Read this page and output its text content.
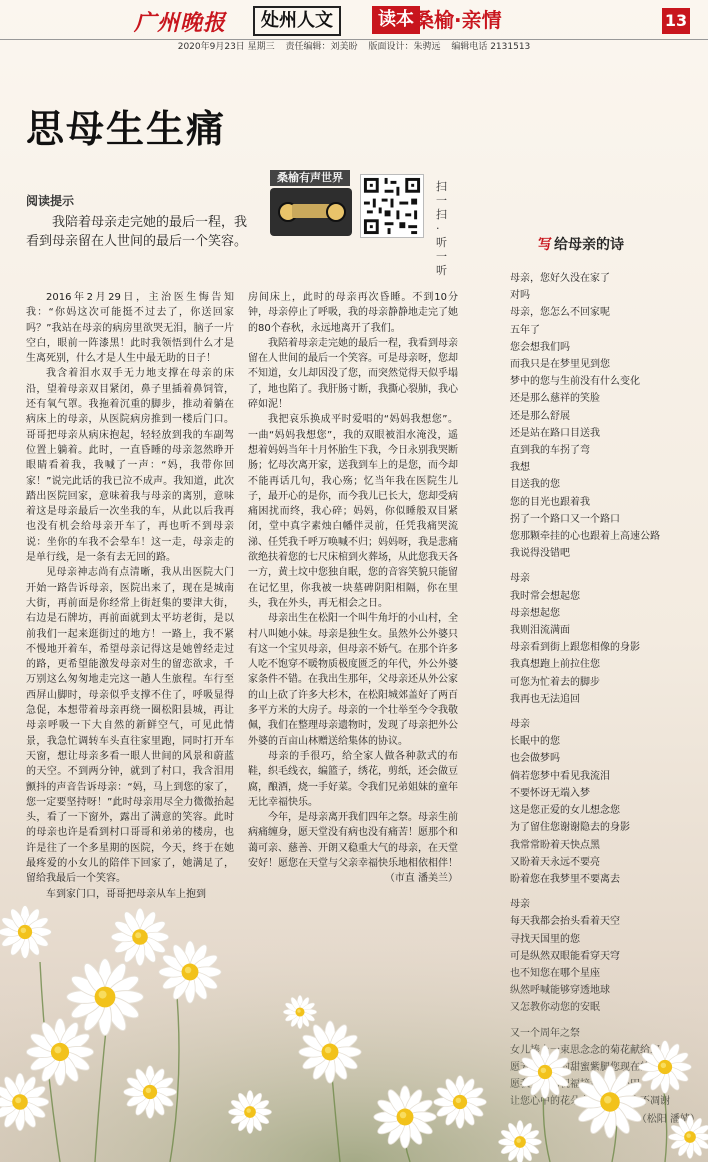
广州晚报	处州人文	读本 桑榆·亲情	13
2020年9月23日 星期三 责任编辑：刘美盼 版面设计：朱骋远 编辑电话 2131513
思母生生痛
阅读提示
我陪着母亲走完她的最后一程，我看到母亲留在人世间的最后一个笑容。
桑榆有声世界
扫一扫·听一听
写 给母亲的诗

2016年2月29日，主治医生悔告知我：“你妈这次可能挺不过去了，你送回家吗？”我站在母亲的病房里欲哭无泪，脑子一片空白，眼前一阵漆黑！此时我领悟到什么才是生离死别，什么才是人生中最无助的日子！

我含着泪水双手无力地支撑在母亲的床沿，望着母亲双目紧闭，鼻子里插着鼻饲管，还有氧气罩。我拖着沉重的脚步，推动着躺在病床上的母亲，从医院病房推到一楼后门口。哥哥把母亲从病床抱起，轻轻放到我的车副驾位置上躺着。此时，一直昏睡的母亲忽然睁开眼睛看着我，我喊了一声：“妈，我带你回家！”说完此话的我已泣不成声。我知道，此次踏出医院回家，意味着我与母亲的离别，意味着这是母亲最后一次坐我的车，从此以后我再也没有机会给母亲开车了，再也听不到母亲说：坐你的车我不会晕车！这一走，母亲走的是单行线，是一条有去无回的路。

见母亲神志尚有点清晰，我从出医院大门开始一路告诉母亲，医院出来了，现在是城南大街，再前面是你经常上街赶集的要津大街，右边是石牌坊，再前面就到太平坊老街，是以前我们一起来逛街过的地方！一路上，我不紧不慢地开着车，希望母亲记得这是她曾经走过的路，更希望能激发母亲对生的留恋欲求，千万别这么匆匆地走完这一趟人生旅程。车行至西屏山脚时，母亲似乎支撑不住了，呼吸显得急促，本想带着母亲再绕一圈松阳县城，再让母亲呼吸一下大自然的新鲜空气，可见此情景，我急忙调转车头直往家里跑，同时打开车天窗，想让母亲多看一眼人世间的风景和蔚蓝的天空。不到两分钟，就到了村口，我含泪用颤抖的声音告诉母亲：“妈，马上到您的家了，您一定要坚持呀！”此时母亲用尽全力微微抬起头，看了一下窗外，露出了满意的笑容。此时的母亲也许是看到村口哥哥和弟弟的楼房，也许是往了一个多星期的医院，今天，终于在她

房间床上，此时的母亲再次昏睡。不到10分钟，母亲停止了呼吸，我的母亲静静地走完了她的80个春秋，永远地离开了我们。

我陪着母亲走完她的最后一程，我看到母亲留在人世间的最后一个笑容。可是母亲呀，您却不知道，女儿却因没了您，而突然觉得天似乎塌了，地也陷了。我肝肠寸断，我撕心裂肺，我心碎如泥！

我把哀乐换成平时爱唱的“妈妈我想您”。一曲“妈妈我想您”，我的双眼被泪水淹没，遥想着妈妈当年十月怀胎生下我，今日永别我哭断肠；忆母次离开家，送我到车上的是您，而今却不能再话几句，我心殇；忆当年我在医院生儿子，最开心的是你，而今我儿已长大，您却受病痛困扰而终，我心碎；妈妈，你似睡般双目紧闭，堂中真字素烛白幡伴灵前，任凭我痛哭流涕、任凭我千呼万唤喊不归；妈妈呀，我是悲痛欲绝扶着您的七尺床棺到火葬场，从此您我天各一方，黄土坟中您独自眠，您的音容笑貌只能留在记忆里，你我被一块墓碑阴阳相隔，你在里头，我在外头，再无相会之日。

母亲出生在松阳一个叫牛角圩的小山村，全村八叫她小妹。母亲是独生女。虽然外公外婆只有这一个宝贝母亲，但母亲不娇气。在那个许多人吃不饱穿不暖物质极度匮乏的年代，外公外婆家条件不错。在我出生那年，父母亲还从外公家的山上砍了许多大杉木，在松阳城郊盖好了两百多平方米的大房子。母亲的一个壮举至今令我敬佩，我们在整理母亲遗物时，发现了母亲把外公外婆的百亩山林赠送给集体的协议。

母亲的手很巧，给全家人做各种款式的布鞋，织毛线衣，编篮子，绣花，剪纸，还会做豆腐，酿酒，烧一手好菜。令我们兄弟姐妹的童年无比幸福快乐。

今年，是母亲离开我们四年之祭。母亲生前病痛缠身，愿天堂没有病也没有痛苦！愿那个和蔼可亲、慈善、开朗又稳重大气的母亲，在天堂

母亲，您好久没在家了
对吗
母亲，您怎么不回家呢
五年了
您会想我们吗
而我只是在梦里见到您
梦中的您与生前没有什么变化
还是那么慈祥的笑脸
还是那么舒展
还是站在路口目送我
直到我的车拐了弯
我想
目送我的您
您的目光也跟着我
拐了一个路口又一个路口
您那颗牵挂的心也跟着上高速公路
我说得没错吧
母亲
我时常会想起您
母亲想起您
我则泪流满面
母亲看到街上跟您相像的身影
我真想跑上前拉住您
可您为忙着去的脚步
我再也无法追回
母亲
长眠中的您
也会做梦吗
倘若您梦中看见我流泪
不要怀讶无端入梦
这是您正爱的女儿想念您
为了留住您谢谢隐去的身影
我常常盼着天快点黑
